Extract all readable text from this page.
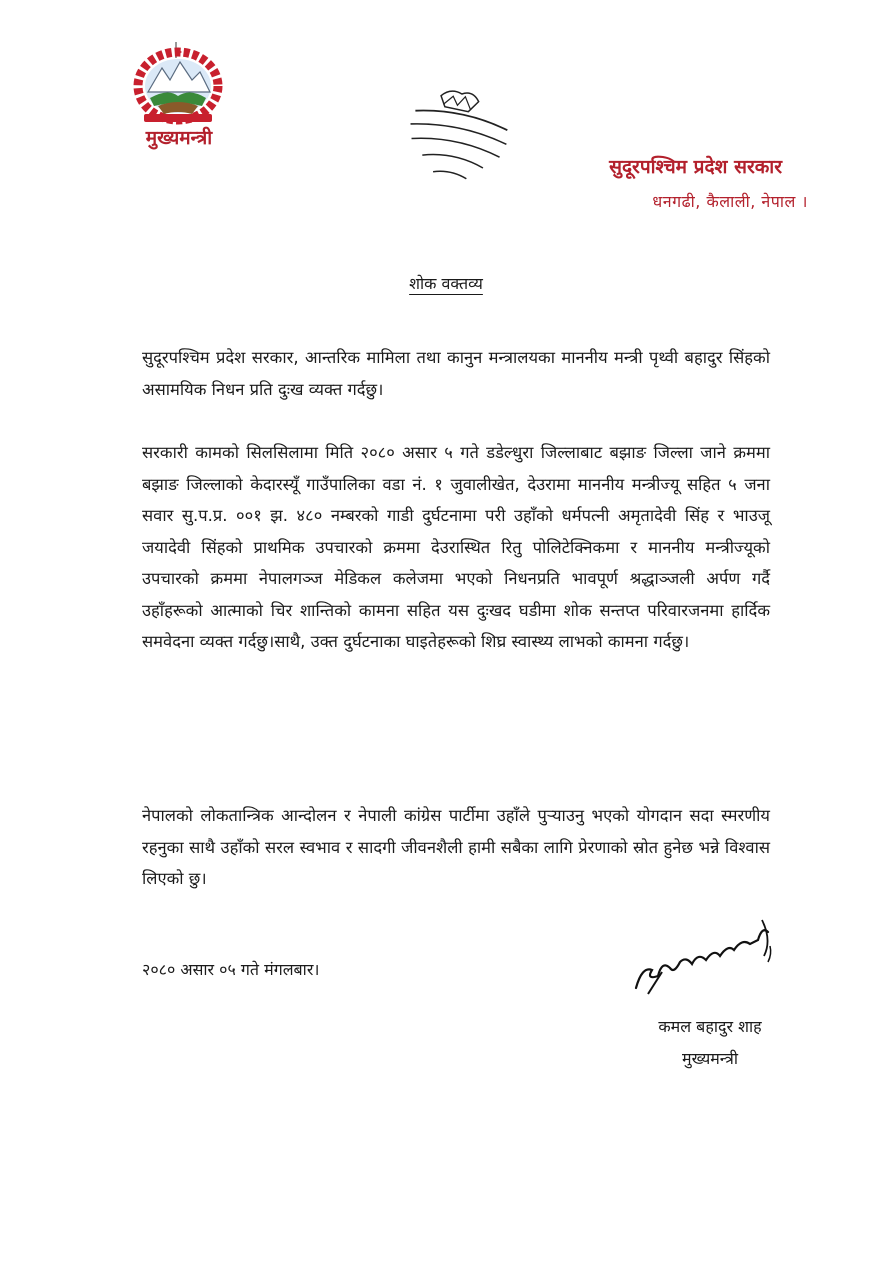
मुख्यमन्त्री
सुदूरपश्चिम प्रदेश सरकार
धनगढी, कैलाली, नेपाल ।
शोक वक्तव्य
सुदूरपश्चिम प्रदेश सरकार, आन्तरिक मामिला तथा कानुन मन्त्रालयका माननीय मन्त्री पृथ्वी बहादुर सिंहको असामयिक निधन प्रति दुःख व्यक्त गर्दछु।
सरकारी कामको सिलसिलामा मिति २०८० असार ५ गते डडेल्धुरा जिल्लाबाट बझाङ जिल्ला जाने क्रममा बझाङ जिल्लाको केदारस्यूँ गाउँपालिका वडा नं. १ जुवालीखेत, देउरामा माननीय मन्त्रीज्यू सहित ५ जना सवार सु.प.प्र. ००१ झ. ४८० नम्बरको गाडी दुर्घटनामा परी उहाँको धर्मपत्नी अमृतादेवी सिंह र भाउजू जयादेवी सिंहको प्राथमिक उपचारको क्रममा देउरास्थित रितु पोलिटेक्निकमा र माननीय मन्त्रीज्यूको उपचारको क्रममा नेपालगञ्ज मेडिकल कलेजमा भएको निधनप्रति भावपूर्ण श्रद्धाञ्जली अर्पण गर्दै उहाँहरूको आत्माको चिर शान्तिको कामना सहित यस दुःखद घडीमा शोक सन्तप्त परिवारजनमा हार्दिक समवेदना व्यक्त गर्दछु।साथै, उक्त दुर्घटनाका घाइतेहरूको शिघ्र स्वास्थ्य लाभको कामना गर्दछु।
नेपालको लोकतान्त्रिक आन्दोलन र नेपाली कांग्रेस पार्टीमा उहाँले पुऱ्याउनु भएको योगदान सदा स्मरणीय रहनुका साथै उहाँको सरल स्वभाव र सादगी जीवनशैली हामी सबैका लागि प्रेरणाको स्रोत हुनेछ भन्ने विश्वास लिएको छु।
२०८० असार ०५ गते मंगलबार।
कमल बहादुर शाह
मुख्यमन्त्री
